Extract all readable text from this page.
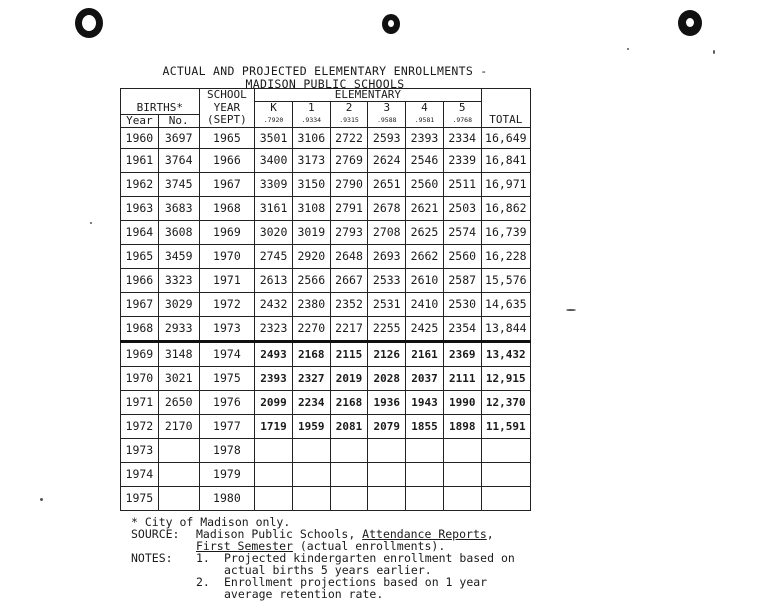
ACTUAL AND PROJECTED ELEMENTARY ENROLLMENTS -
MADISON PUBLIC SCHOOLS
		SCHOOL	ELEMENTARY						
BIRTHS*		YEAR	K	1	2	3	4	5	
Year	No.	(SEPT)	.7920	.9334	.9315	.9588	.9581	.9768	TOTAL
1960	3697	1965	3501	3106	2722	2593	2393	2334	16,649
1961	3764	1966	3400	3173	2769	2624	2546	2339	16,841
1962	3745	1967	3309	3150	2790	2651	2560	2511	16,971
1963	3683	1968	3161	3108	2791	2678	2621	2503	16,862
1964	3608	1969	3020	3019	2793	2708	2625	2574	16,739
1965	3459	1970	2745	2920	2648	2693	2662	2560	16,228
1966	3323	1971	2613	2566	2667	2533	2610	2587	15,576
1967	3029	1972	2432	2380	2352	2531	2410	2530	14,635
1968	2933	1973	2323	2270	2217	2255	2425	2354	13,844
1969	3148	1974	2493	2168	2115	2126	2161	2369	13,432
1970	3021	1975	2393	2327	2019	2028	2037	2111	12,915
1971	2650	1976	2099	2234	2168	1936	1943	1990	12,370
1972	2170	1977	1719	1959	2081	2079	1855	1898	11,591
1973		1978							
1974		1979							
1975		1980							
* City of Madison only.
SOURCE: Madison Public Schools, Attendance Reports,
First Semester (actual enrollments).
NOTES: 1. Projected kindergarten enrollment based on
actual births 5 years earlier.
2. Enrollment projections based on 1 year
average retention rate.
